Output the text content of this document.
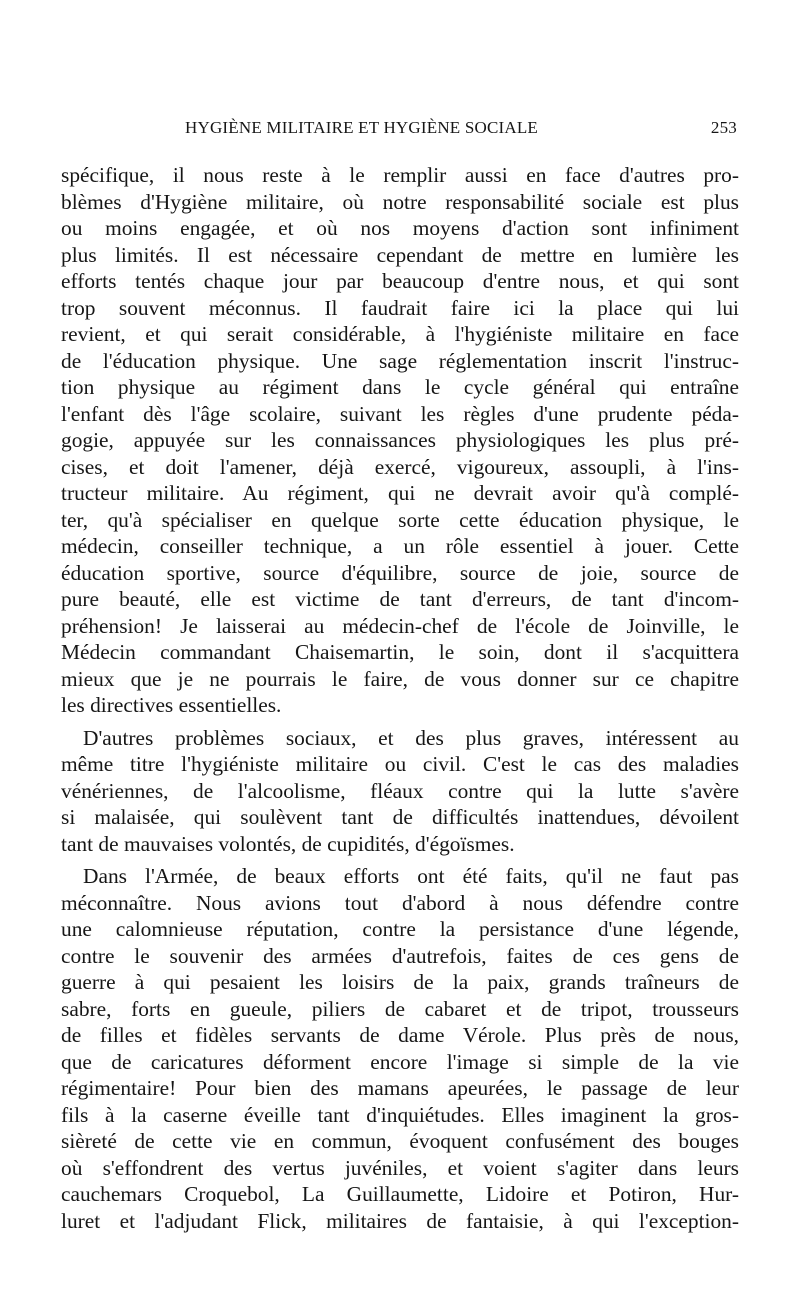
HYGIÈNE MILITAIRE ET HYGIÈNE SOCIALE	253

spécifique, il nous reste à le remplir aussi en face d'autres pro-
blèmes d'Hygiène militaire, où notre responsabilité sociale est plus
ou moins engagée, et où nos moyens d'action sont infiniment
plus limités. Il est nécessaire cependant de mettre en lumière les
efforts tentés chaque jour par beaucoup d'entre nous, et qui sont
trop souvent méconnus. Il faudrait faire ici la place qui lui
revient, et qui serait considérable, à l'hygiéniste militaire en face
de l'éducation physique. Une sage réglementation inscrit l'instruc-
tion physique au régiment dans le cycle général qui entraîne
l'enfant dès l'âge scolaire, suivant les règles d'une prudente péda-
gogie, appuyée sur les connaissances physiologiques les plus pré-
cises, et doit l'amener, déjà exercé, vigoureux, assoupli, à l'ins-
tructeur militaire. Au régiment, qui ne devrait avoir qu'à complé-
ter, qu'à spécialiser en quelque sorte cette éducation physique, le
médecin, conseiller technique, a un rôle essentiel à jouer. Cette
éducation sportive, source d'équilibre, source de joie, source de
pure beauté, elle est victime de tant d'erreurs, de tant d'incom-
préhension! Je laisserai au médecin-chef de l'école de Joinville, le
Médecin commandant Chaisemartin, le soin, dont il s'acquittera
mieux que je ne pourrais le faire, de vous donner sur ce chapitre
les directives essentielles.

D'autres problèmes sociaux, et des plus graves, intéressent au
même titre l'hygiéniste militaire ou civil. C'est le cas des maladies
vénériennes, de l'alcoolisme, fléaux contre qui la lutte s'avère
si malaisée, qui soulèvent tant de difficultés inattendues, dévoilent
tant de mauvaises volontés, de cupidités, d'égoïsmes.

Dans l'Armée, de beaux efforts ont été faits, qu'il ne faut pas
méconnaître. Nous avions tout d'abord à nous défendre contre
une calomnieuse réputation, contre la persistance d'une légende,
contre le souvenir des armées d'autrefois, faites de ces gens de
guerre à qui pesaient les loisirs de la paix, grands traîneurs de
sabre, forts en gueule, piliers de cabaret et de tripot, trousseurs
de filles et fidèles servants de dame Vérole. Plus près de nous,
que de caricatures déforment encore l'image si simple de la vie
régimentaire! Pour bien des mamans apeurées, le passage de leur
fils à la caserne éveille tant d'inquiétudes. Elles imaginent la gros-
sièreté de cette vie en commun, évoquent confusément des bouges
où s'effondrent des vertus juvéniles, et voient s'agiter dans leurs
cauchemars Croquebol, La Guillaumette, Lidoire et Potiron, Hur-
luret et l'adjudant Flick, militaires de fantaisie, à qui l'exception-
